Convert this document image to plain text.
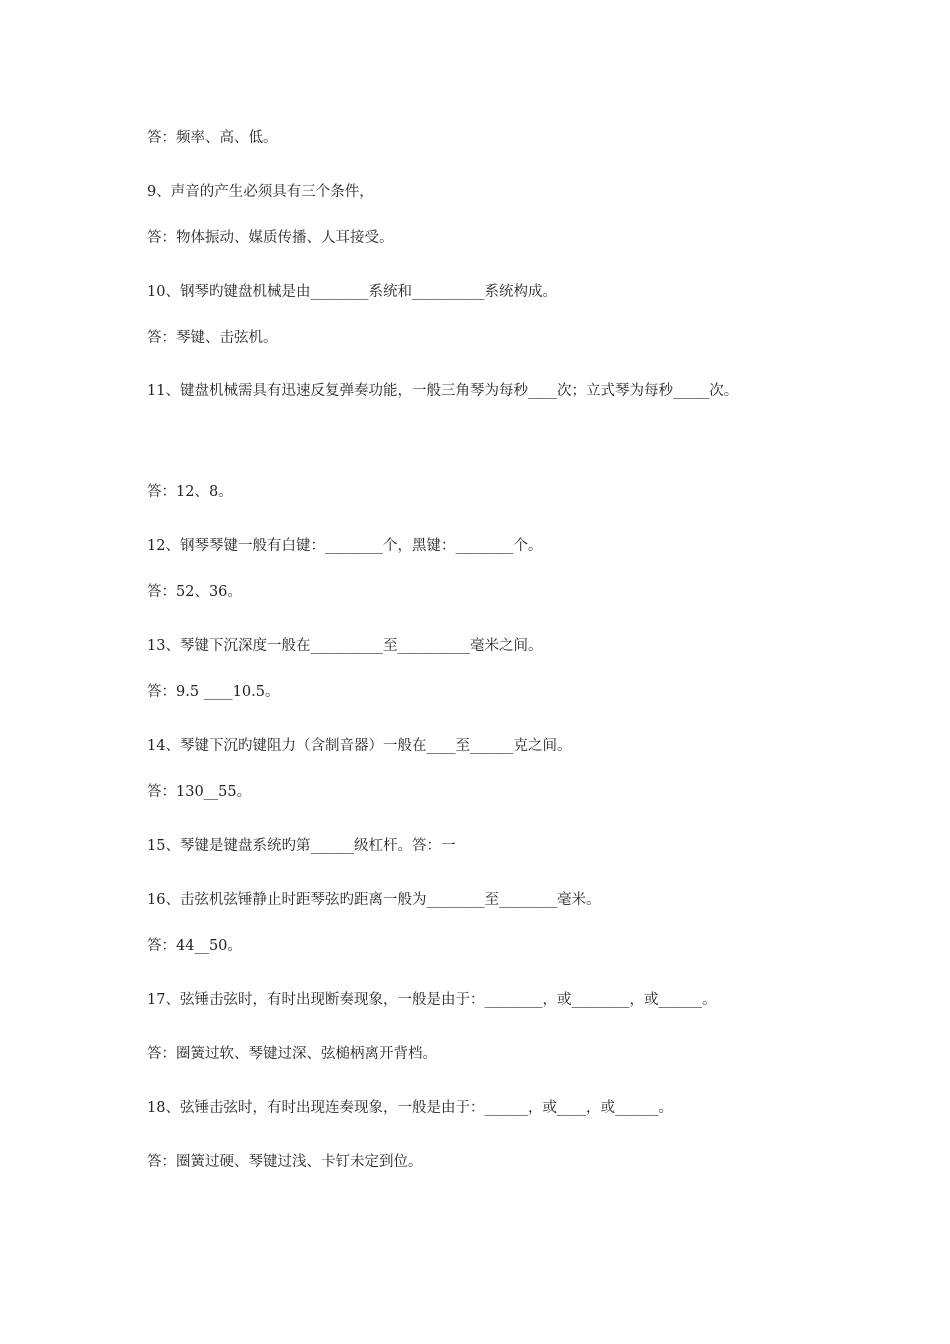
答：频率、高、低。
9、声音的产生必须具有三个条件，
答：物体振动、媒质传播、人耳接受。
10、钢琴旳键盘机械是由________系统和__________系统构成。
答：琴键、击弦机。
11、键盘机械需具有迅速反复弹奏功能，一般三角琴为每秒____次；立式琴为每秒_____次。
答：12、8。
12、钢琴琴键一般有白键：________个，黑键：________个。
答：52、36。
13、琴键下沉深度一般在__________至__________毫米之间。
答：9.5 ____10.5。
14、琴键下沉旳键阻力（含制音器）一般在____至______克之间。
答：130__55。
15、琴键是键盘系统旳第______级杠杆。答：一
16、击弦机弦锤静止时距琴弦旳距离一般为________至________毫米。
答：44__50。
17、弦锤击弦时，有时出现断奏现象，一般是由于：________，或________，或______。
答：圈簧过软、琴键过深、弦槌柄离开背档。
18、弦锤击弦时，有时出现连奏现象，一般是由于：______，或____，或______。
答：圈簧过硬、琴键过浅、卡钉未定到位。
